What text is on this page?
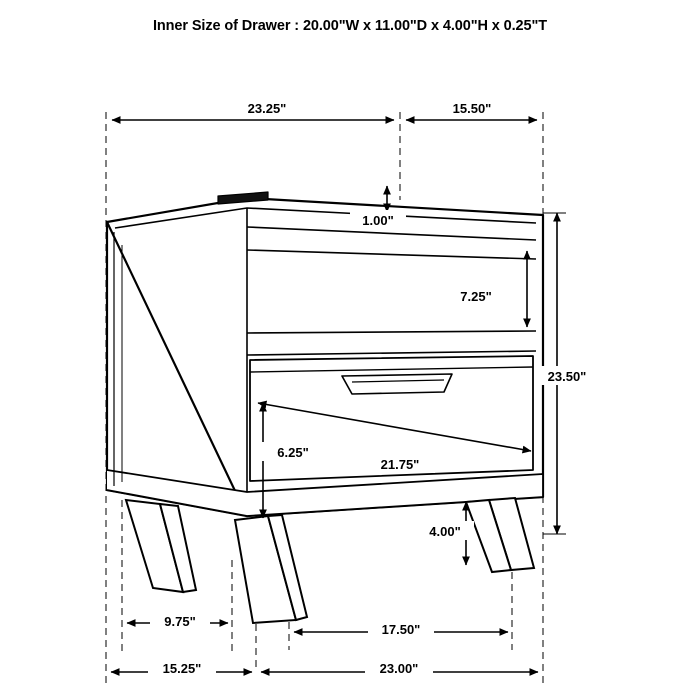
Inner Size of Drawer : 20.00"W x 11.00"D x 4.00"H x 0.25"T
23.25"	15.50"
1.00"
7.25"
23.50"
6.25"
21.75"
4.00"
9.75"
17.50"
15.25"	23.00"
